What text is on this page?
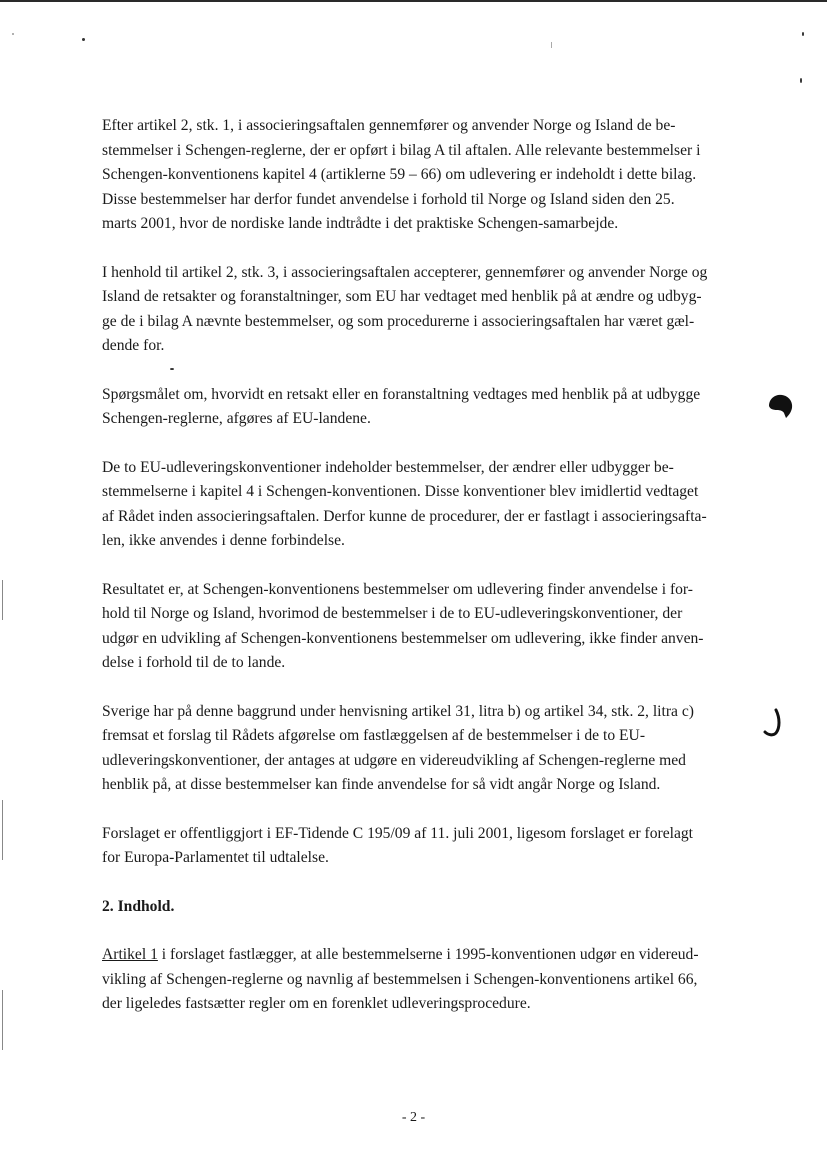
Efter artikel 2, stk. 1, i associeringsaftalen gennemfører og anvender Norge og Island de be-
stemmelser i Schengen-reglerne, der er opført i bilag A til aftalen. Alle relevante bestemmelser i
Schengen-konventionens kapitel 4 (artiklerne 59 – 66) om udlevering er indeholdt i dette bilag.
Disse bestemmelser har derfor fundet anvendelse i forhold til Norge og Island siden den 25.
marts 2001, hvor de nordiske lande indtrådte i det praktiske Schengen-samarbejde.

I henhold til artikel 2, stk. 3, i associeringsaftalen accepterer, gennemfører og anvender Norge og
Island de retsakter og foranstaltninger, som EU har vedtaget med henblik på at ændre og udbyg-
ge de i bilag A nævnte bestemmelser, og som procedurerne i associeringsaftalen har været gæl-
dende for.

Spørgsmålet om, hvorvidt en retsakt eller en foranstaltning vedtages med henblik på at udbygge
Schengen-reglerne, afgøres af EU-landene.

De to EU-udleveringskonventioner indeholder bestemmelser, der ændrer eller udbygger be-
stemmelserne i kapitel 4 i Schengen-konventionen. Disse konventioner blev imidlertid vedtaget
af Rådet inden associeringsaftalen. Derfor kunne de procedurer, der er fastlagt i associeringsafta-
len, ikke anvendes i denne forbindelse.

Resultatet er, at Schengen-konventionens bestemmelser om udlevering finder anvendelse i for-
hold til Norge og Island, hvorimod de bestemmelser i de to EU-udleveringskonventioner, der
udgør en udvikling af Schengen-konventionens bestemmelser om udlevering, ikke finder anven-
delse i forhold til de to lande.

Sverige har på denne baggrund under henvisning artikel 31, litra b) og artikel 34, stk. 2, litra c)
fremsat et forslag til Rådets afgørelse om fastlæggelsen af de bestemmelser i de to EU-
udleveringskonventioner, der antages at udgøre en videreudvikling af Schengen-reglerne med
henblik på, at disse bestemmelser kan finde anvendelse for så vidt angår Norge og Island.

Forslaget er offentliggjort i EF-Tidende C 195/09 af 11. juli 2001, ligesom forslaget er forelagt
for Europa-Parlamentet til udtalelse.

2. Indhold.

Artikel 1 i forslaget fastlægger, at alle bestemmelserne i 1995-konventionen udgør en videreud-
vikling af Schengen-reglerne og navnlig af bestemmelsen i Schengen-konventionens artikel 66,
der ligeledes fastsætter regler om en forenklet udleveringsprocedure.

- 2 -
